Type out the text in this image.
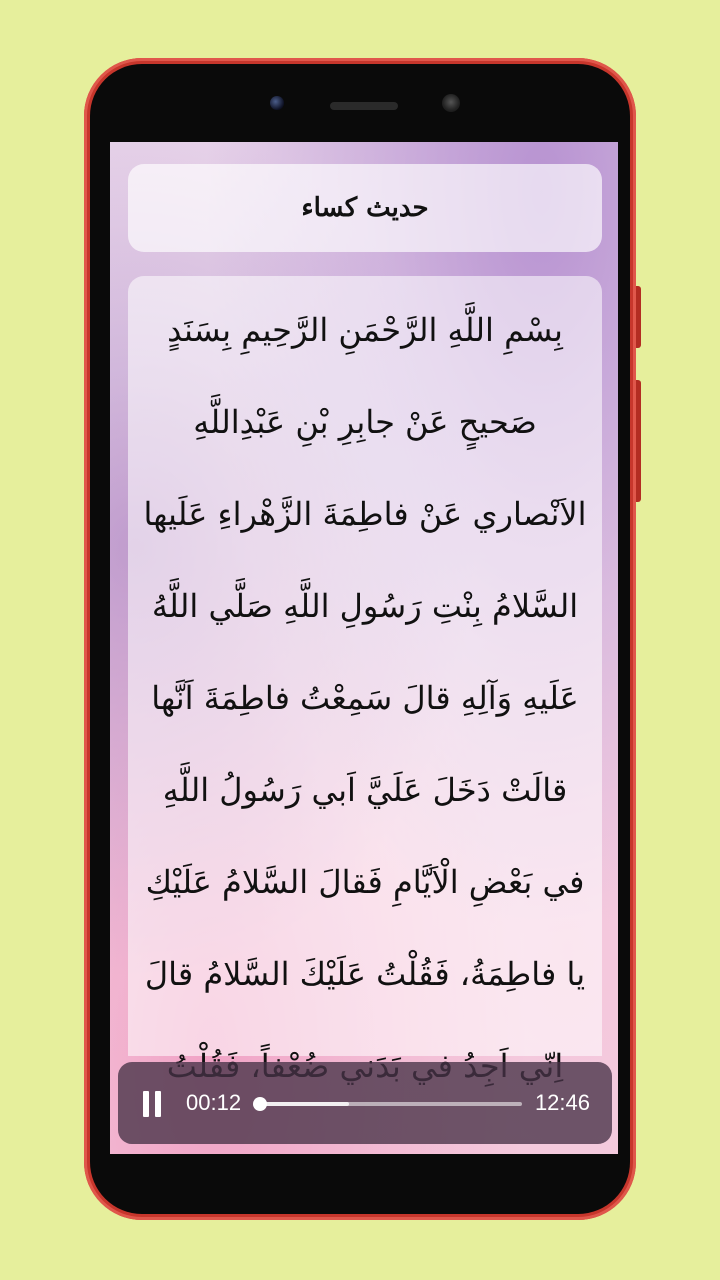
حديث كساء
بِسْمِ اللَّهِ الرَّحْمَنِ الرَّحِيمِ بِسَنَدٍ صَحيحٍ عَنْ جابِرِ بْنِ عَبْدِاللَّهِ الاَنْصاري عَنْ فاطِمَةَ الزَّهْراءِ عَلَيها السَّلامُ بِنْتِ رَسُولِ اللَّهِ صَلَّي اللَّهُ عَلَيهِ وَآلِهِ قالَ سَمِعْتُ فاطِمَةَ اَنَّها قالَتْ دَخَلَ عَلَيَّ اَبي رَسُولُ اللَّهِ في بَعْضِ الْاَيَّامِ فَقالَ السَّلامُ عَلَيْكِ يا فاطِمَةُ، فَقُلْتُ عَلَيْكَ السَّلامُ قالَ
00:12	12:46
